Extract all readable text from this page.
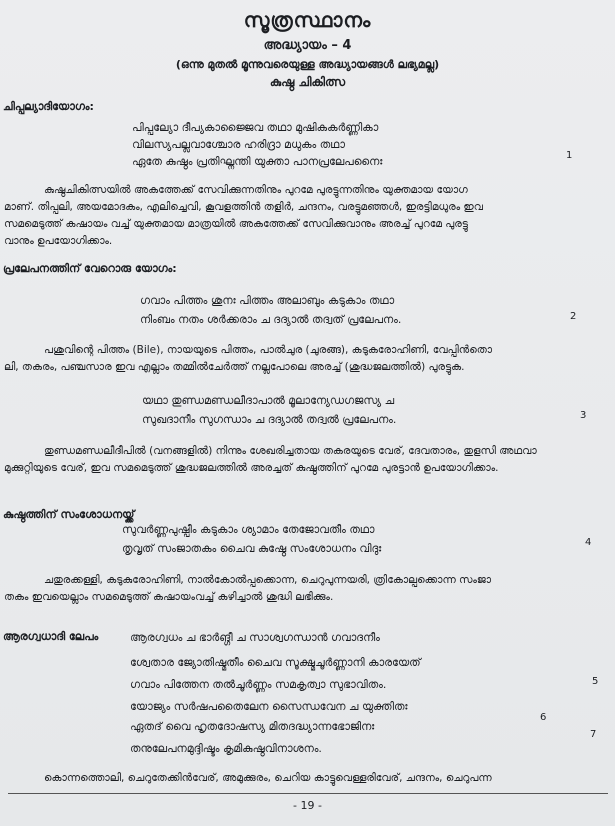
സൂത്രസ്ഥാനം
അദ്ധ്യായം – 4
(ഒന്നു മുതൽ മൂന്നുവരെയുള്ള അദ്ധ്യായങ്ങൾ ലഭ്യമല്ല)
കുഷ്ഠ ചികിത്സ
ചിപ്പല്യാദിയോഗം:
പിപ്പല്യോ ദീപ്യകാജ്ജൈവ തഥാ മുഷികകർണ്ണികാ
വിലസ്യപല്ലവാശ്ചോര ഹരിദ്രാ മധുകം തഥാ
ഏതേ കുഷ്ഠം പ്രതിഘ്നന്തി യുക്താ പാനപ്രലേപനൈഃ	1
കുഷ്ഠചികിത്സയിൽ അകത്തേക്ക് സേവിക്കുന്നതിനും പുറമേ പുരട്ടുന്നതിനും യുക്തമായ യോഗ
മാണ്. തിപ്പലി, അയമോദകം, എലിച്ചെവി, കൂവളത്തിൻ തളിർ, ചന്ദനം, വരട്ടുമഞ്ഞൾ, ഇരട്ടിമധുരം ഇവ
സമമെടുത്ത് കഷായം വച്ച് യുക്തമായ മാത്രയിൽ അകത്തേക്ക് സേവിക്കുവാനും അരച്ച് പുറമേ പുരട്ടു
വാനും ഉപയോഗിക്കാം.
പ്രലേപനത്തിന് വേറൊരു യോഗം:
ഗവാം പിത്തം ശുനഃ പിത്തം അലാബും കടുകാം തഥാ
നിംബം നതം ശർക്കരാം ച ദദ്യാൽ തദ്വത് പ്രലേപനം.	2
പശുവിന്റെ പിത്തം (Bile), നായയുടെ പിത്തം, പാൽചുര (ചുരങ്ങ), കടുകരോഹിണി, വേപ്പിൻതൊ
ലി, തകരം, പഞ്ചസാര ഇവ എല്ലാം തമ്മിൽചേർത്ത് നല്ലപോലെ അരച്ച് (ശുദ്ധജലത്തിൽ) പുരട്ടുക.
യഥാ തുണ്ഡമണ്ഡലീദാപാൽ മൂലാന്യേഡഗജസ്യ ച
സുഖദാനീം സുഗന്ധാം ച ദദ്യാൽ തദ്വൽ പ്രലേപനം.	3
തുണ്ഡമണ്ഡലീദീപിൽ (വനങ്ങളിൽ) നിന്നും ശേഖരിച്ചതായ തകരയുടെ വേര്, ദേവതാരം, തുളസി അഥവാ
മുക്കുറ്റിയുടെ വേര്, ഇവ സമമെടുത്ത് ശുദ്ധജലത്തിൽ അരച്ചത് കുഷ്ഠത്തിന് പുറമേ പുരട്ടാൻ ഉപയോഗിക്കാം.
കുഷ്ഠത്തിന് സംശോധനയ്ക്ക്
സുവർണ്ണപുഷ്പീം കടുകാം ശ്യാമാം തേജോവതീം തഥാ
തൃവൃത് സംജാതകം ചൈവ കുഷ്ഠേ സംശോധനം വിദുഃ	4
ചതുരക്കള്ളി, കടുകുരോഹിണി, നാൽകോൽപ്പക്കൊന്ന, ചെറുപുന്നയരി, ത്രികോല്പക്കൊന്ന സംജാ
തകം ഇവയെല്ലാം സമമെടുത്ത് കഷായംവച്ച് കഴിച്ചാൽ ശുദ്ധി ലഭിക്കും.
ആരഗ്വധാദി ലേപം	ആരഗ്വധം ച ഭാർങ്ഗീ ച സാശ്വഗന്ധാൻ ഗവാദനീം
ശ്വേതാര ജ്യോതിഷ്മതീം ചൈവ സൂക്ഷ്മചൂർണ്ണാനി കാരയേത്
ഗവാം പിത്തേന തൽചൂർണ്ണം സമകൃത്വാ സുഭാവിതം.
യോജ്യം സർഷപതൈലേന സൈന്ധവേന ച യുക്തിതഃ
ഏതദ് വൈ ഹൃതദോഷസ്യ മിതദദ്ധ്യാന്നഭോജിനഃ
തനുലേപനമുദ്ദിഷ്ടം കൃമികുഷ്ഠവിനാശനം.
5
6
7
കൊന്നത്തൊലി, ചെറുതേക്കിൻവേര്, അമുക്കുരം, ചെറിയ കാട്ടുവെള്ളരിവേര്, ചന്ദനം, ചെറുപന്ന
- 19 -
